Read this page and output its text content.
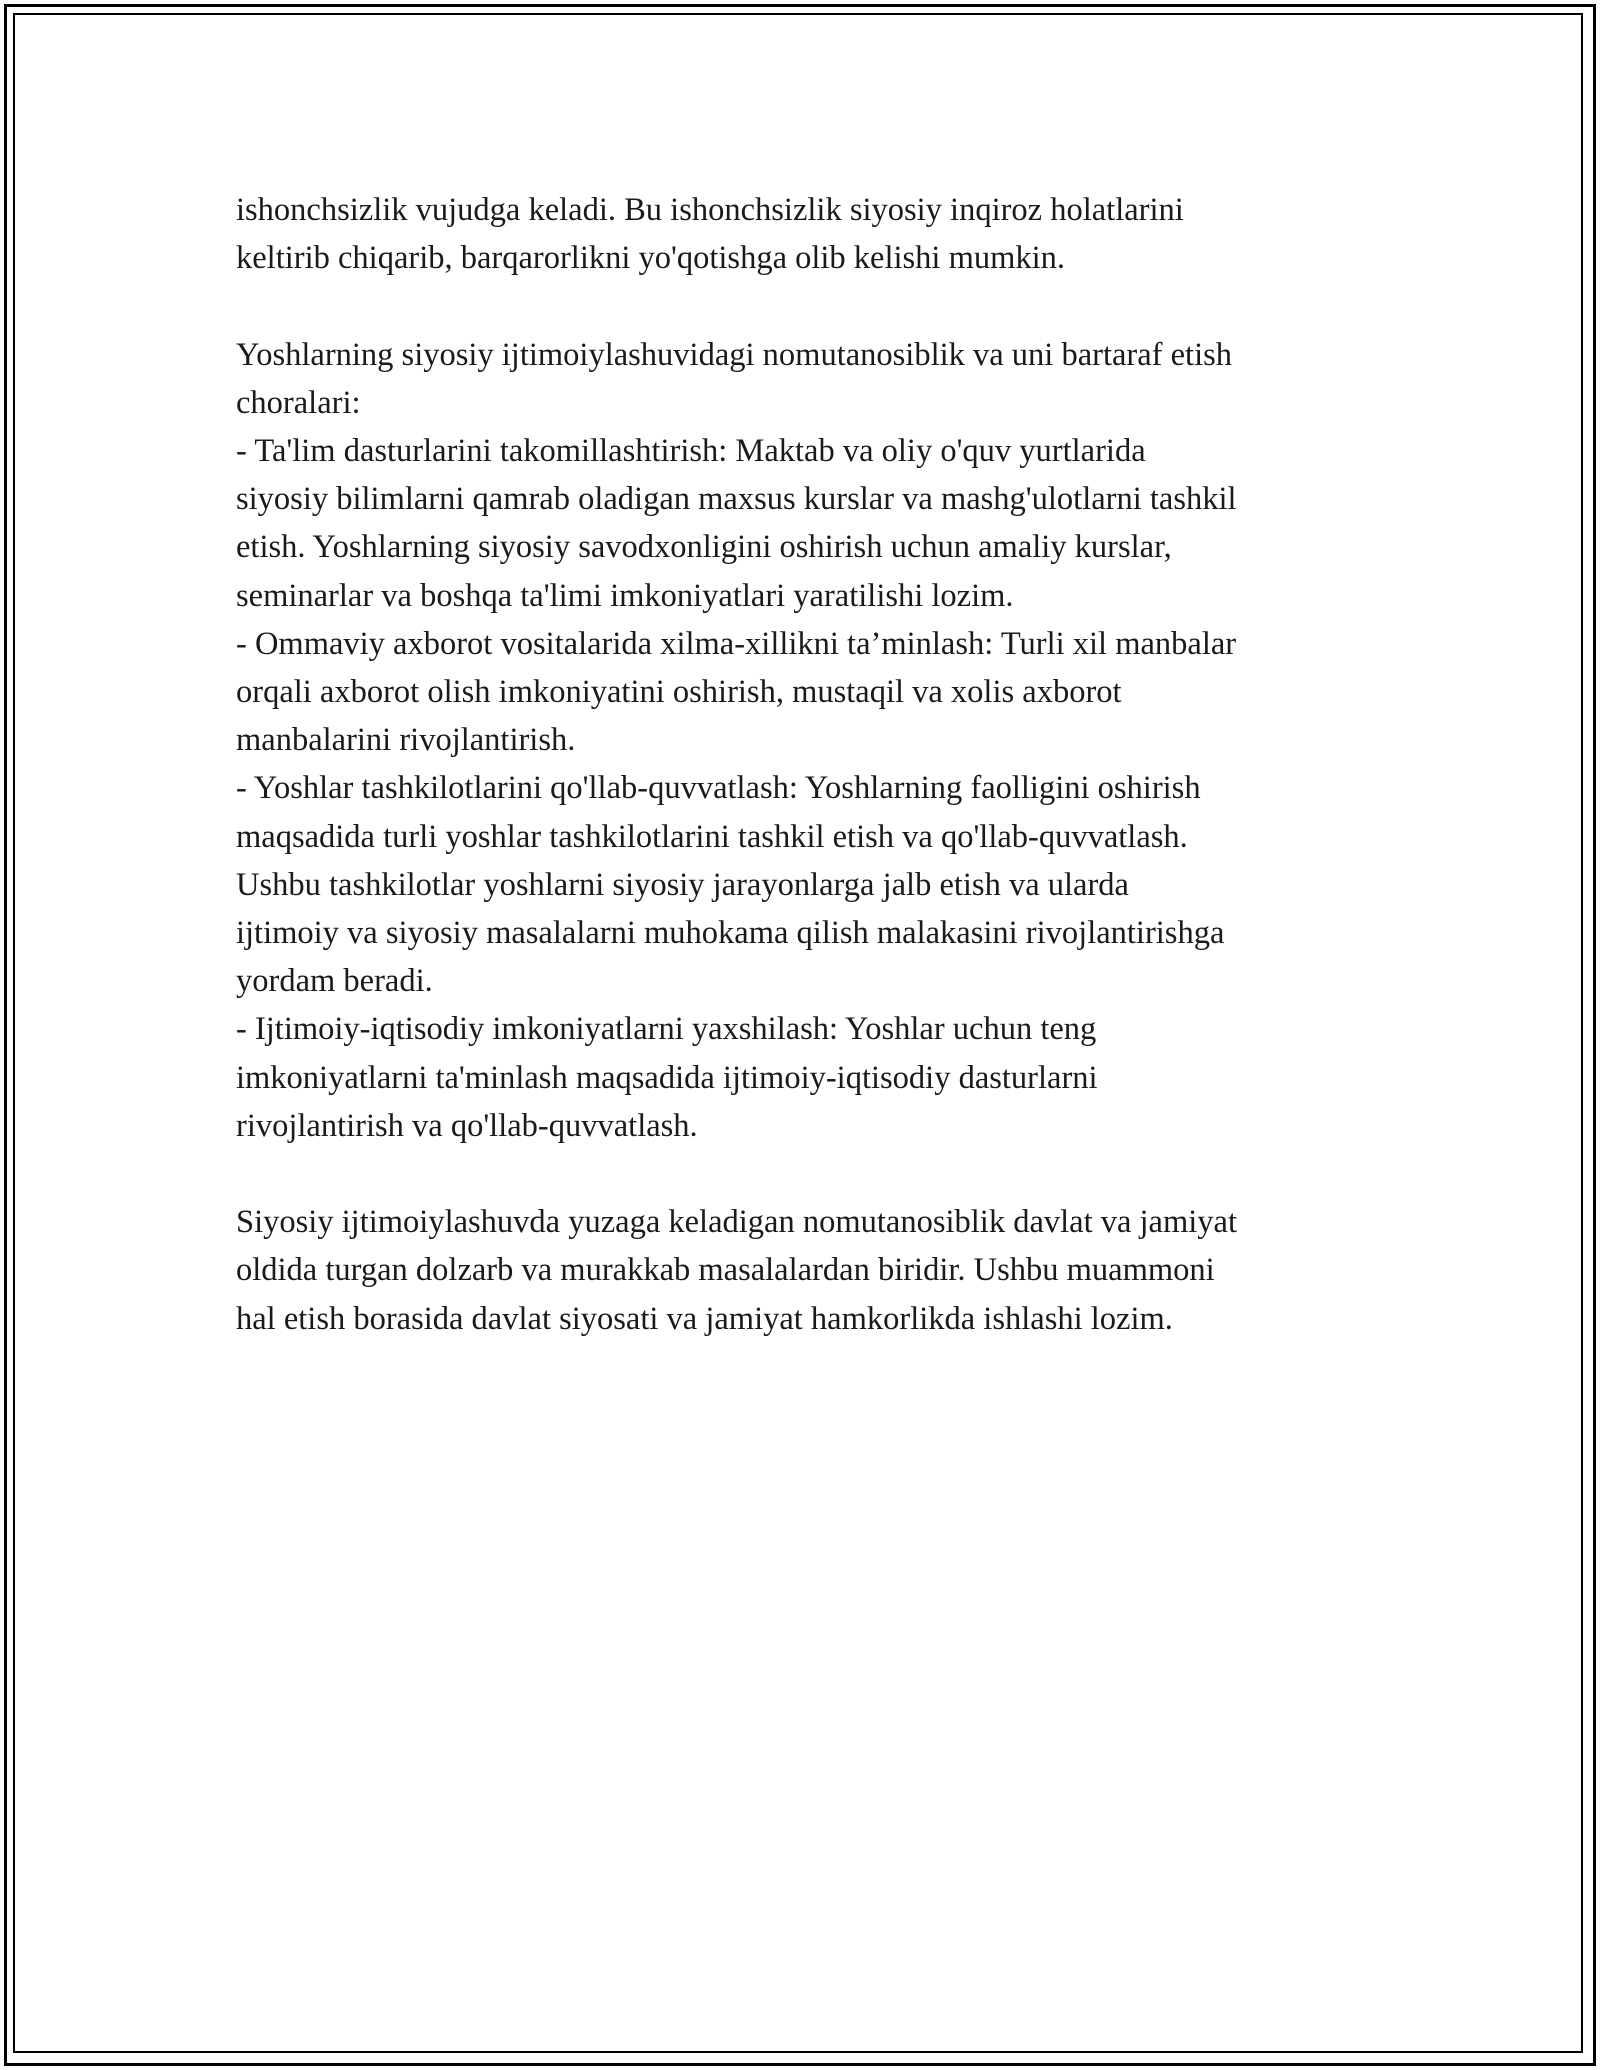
ishonchsizlik vujudga keladi. Bu ishonchsizlik siyosiy inqiroz holatlarini
keltirib chiqarib, barqarorlikni yo'qotishga olib kelishi mumkin.
Yoshlarning siyosiy ijtimoiylashuvidagi nomutanosiblik va uni bartaraf etish
choralari:
- Ta'lim dasturlarini takomillashtirish: Maktab va oliy o'quv yurtlarida
siyosiy bilimlarni qamrab oladigan maxsus kurslar va mashg'ulotlarni tashkil
etish. Yoshlarning siyosiy savodxonligini oshirish uchun amaliy kurslar,
seminarlar va boshqa ta'limi imkoniyatlari yaratilishi lozim.
- Ommaviy axborot vositalarida xilma-xillikni ta’minlash: Turli xil manbalar
orqali axborot olish imkoniyatini oshirish, mustaqil va xolis axborot
manbalarini rivojlantirish.
- Yoshlar tashkilotlarini qo'llab-quvvatlash: Yoshlarning faolligini oshirish
maqsadida turli yoshlar tashkilotlarini tashkil etish va qo'llab-quvvatlash.
Ushbu tashkilotlar yoshlarni siyosiy jarayonlarga jalb etish va ularda
ijtimoiy va siyosiy masalalarni muhokama qilish malakasini rivojlantirishga
yordam beradi.
- Ijtimoiy-iqtisodiy imkoniyatlarni yaxshilash: Yoshlar uchun teng
imkoniyatlarni ta'minlash maqsadida ijtimoiy-iqtisodiy dasturlarni
rivojlantirish va qo'llab-quvvatlash.
Siyosiy ijtimoiylashuvda yuzaga keladigan nomutanosiblik davlat va jamiyat
oldida turgan dolzarb va murakkab masalalardan biridir. Ushbu muammoni
hal etish borasida davlat siyosati va jamiyat hamkorlikda ishlashi lozim.
